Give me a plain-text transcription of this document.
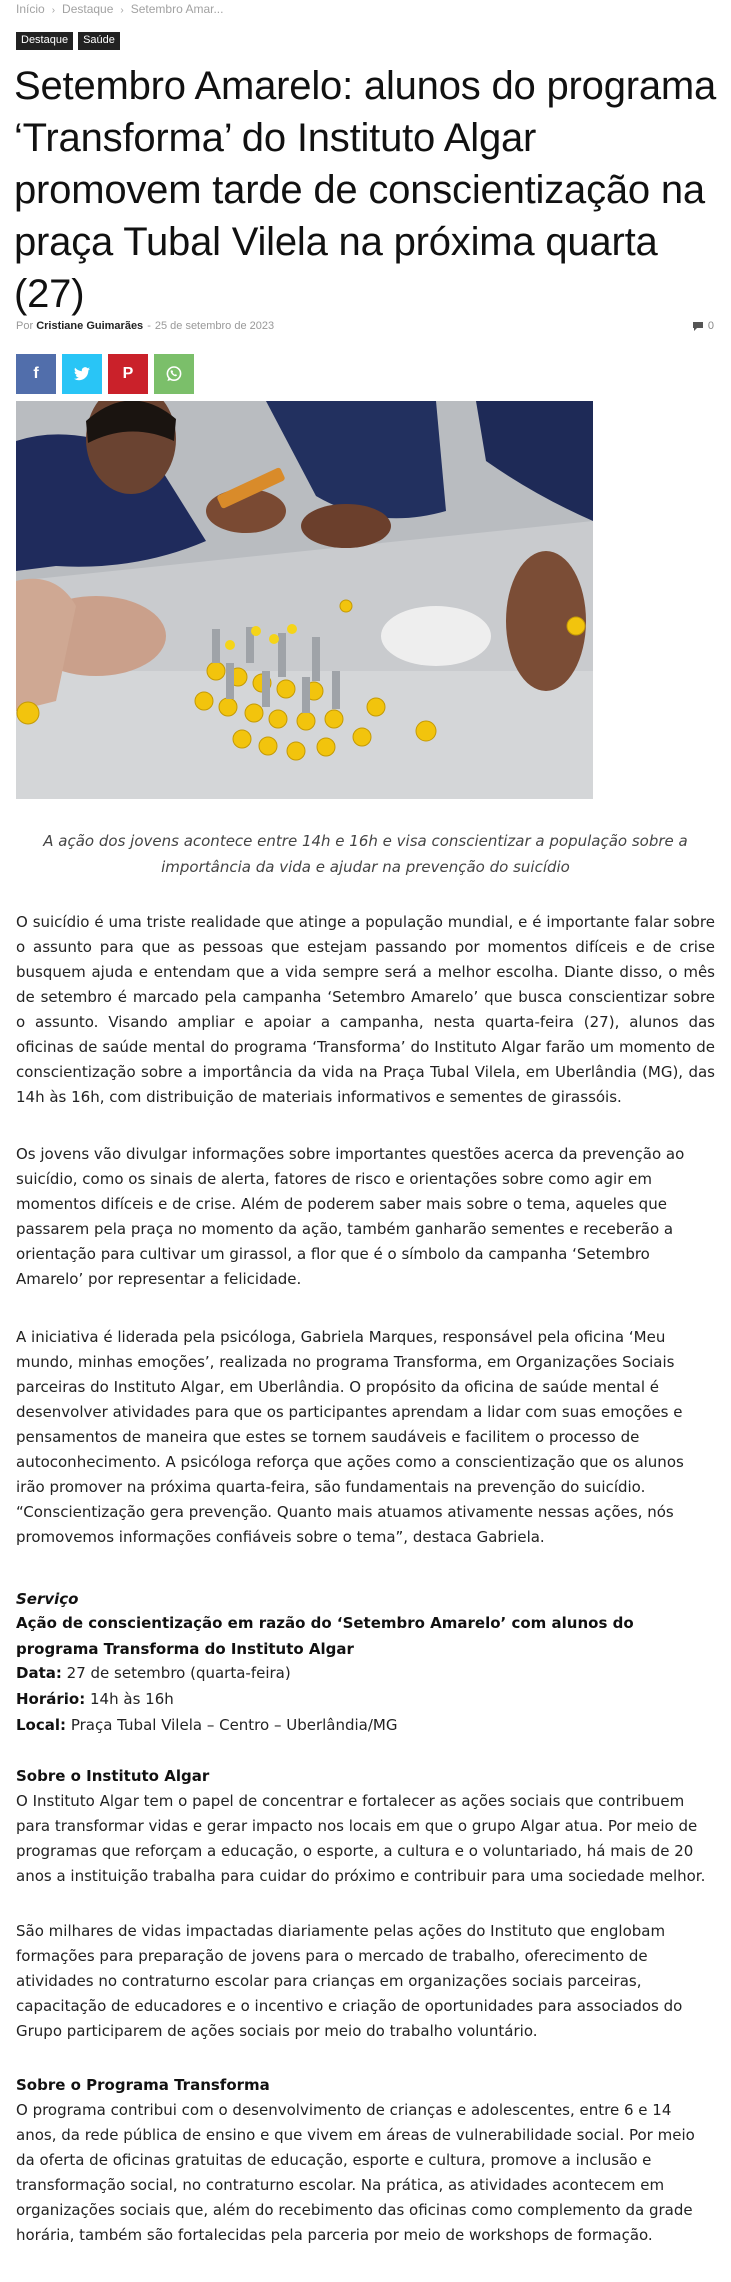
Início › Destaque › Setembro Amar...
Destaque	Saúde
Setembro Amarelo: alunos do programa ‘Transforma’ do Instituto Algar promovem tarde de conscientização na praça Tubal Vilela na próxima quarta (27)
Por Cristiane Guimarães - 25 de setembro de 2023	0
f	P

A ação dos jovens acontece entre 14h e 16h e visa conscientizar a população sobre a importância da vida e ajudar na prevenção do suicídio

O suicídio é uma triste realidade que atinge a população mundial, e é importante falar sobre o assunto para que as pessoas que estejam passando por momentos difíceis e de crise busquem ajuda e entendam que a vida sempre será a melhor escolha. Diante disso, o mês de setembro é marcado pela campanha ‘Setembro Amarelo’ que busca conscientizar sobre o assunto. Visando ampliar e apoiar a campanha, nesta quarta-feira (27), alunos das oficinas de saúde mental do programa ‘Transforma’ do Instituto Algar farão um momento de conscientização sobre a importância da vida na Praça Tubal Vilela, em Uberlândia (MG), das 14h às 16h, com distribuição de materiais informativos e sementes de girassóis.

Os jovens vão divulgar informações sobre importantes questões acerca da prevenção ao suicídio, como os sinais de alerta, fatores de risco e orientações sobre como agir em momentos difíceis e de crise. Além de poderem saber mais sobre o tema, aqueles que passarem pela praça no momento da ação, também ganharão sementes e receberão a orientação para cultivar um girassol, a flor que é o símbolo da campanha ‘Setembro Amarelo’ por representar a felicidade.

A iniciativa é liderada pela psicóloga, Gabriela Marques, responsável pela oficina ‘Meu mundo, minhas emoções’, realizada no programa Transforma, em Organizações Sociais parceiras do Instituto Algar, em Uberlândia. O propósito da oficina de saúde mental é desenvolver atividades para que os participantes aprendam a lidar com suas emoções e pensamentos de maneira que estes se tornem saudáveis e facilitem o processo de autoconhecimento. A psicóloga reforça que ações como a conscientização que os alunos irão promover na próxima quarta-feira, são fundamentais na prevenção do suicídio. “Conscientização gera prevenção. Quanto mais atuamos ativamente nessas ações, nós promovemos informações confiáveis sobre o tema”, destaca Gabriela.

Serviço

Ação de conscientização em razão do ‘Setembro Amarelo’ com alunos do programa Transforma do Instituto Algar

Data: 27 de setembro (quarta-feira)
Horário: 14h às 16h
Local: Praça Tubal Vilela – Centro – Uberlândia/MG

Sobre o Instituto Algar

O Instituto Algar tem o papel de concentrar e fortalecer as ações sociais que contribuem para transformar vidas e gerar impacto nos locais em que o grupo Algar atua. Por meio de programas que reforçam a educação, o esporte, a cultura e o voluntariado, há mais de 20 anos a instituição trabalha para cuidar do próximo e contribuir para uma sociedade melhor.

São milhares de vidas impactadas diariamente pelas ações do Instituto que englobam formações para preparação de jovens para o mercado de trabalho, oferecimento de atividades no contraturno escolar para crianças em organizações sociais parceiras, capacitação de educadores e o incentivo e criação de oportunidades para associados do Grupo participarem de ações sociais por meio do trabalho voluntário.

Sobre o Programa Transforma

O programa contribui com o desenvolvimento de crianças e adolescentes, entre 6 e 14 anos, da rede pública de ensino e que vivem em áreas de vulnerabilidade social. Por meio da oferta de oficinas gratuitas de educação, esporte e cultura, promove a inclusão e transformação social, no contraturno escolar. Na prática, as atividades acontecem em organizações sociais que, além do recebimento das oficinas como complemento da grade horária, também são fortalecidas pela parceria por meio de workshops de formação.
